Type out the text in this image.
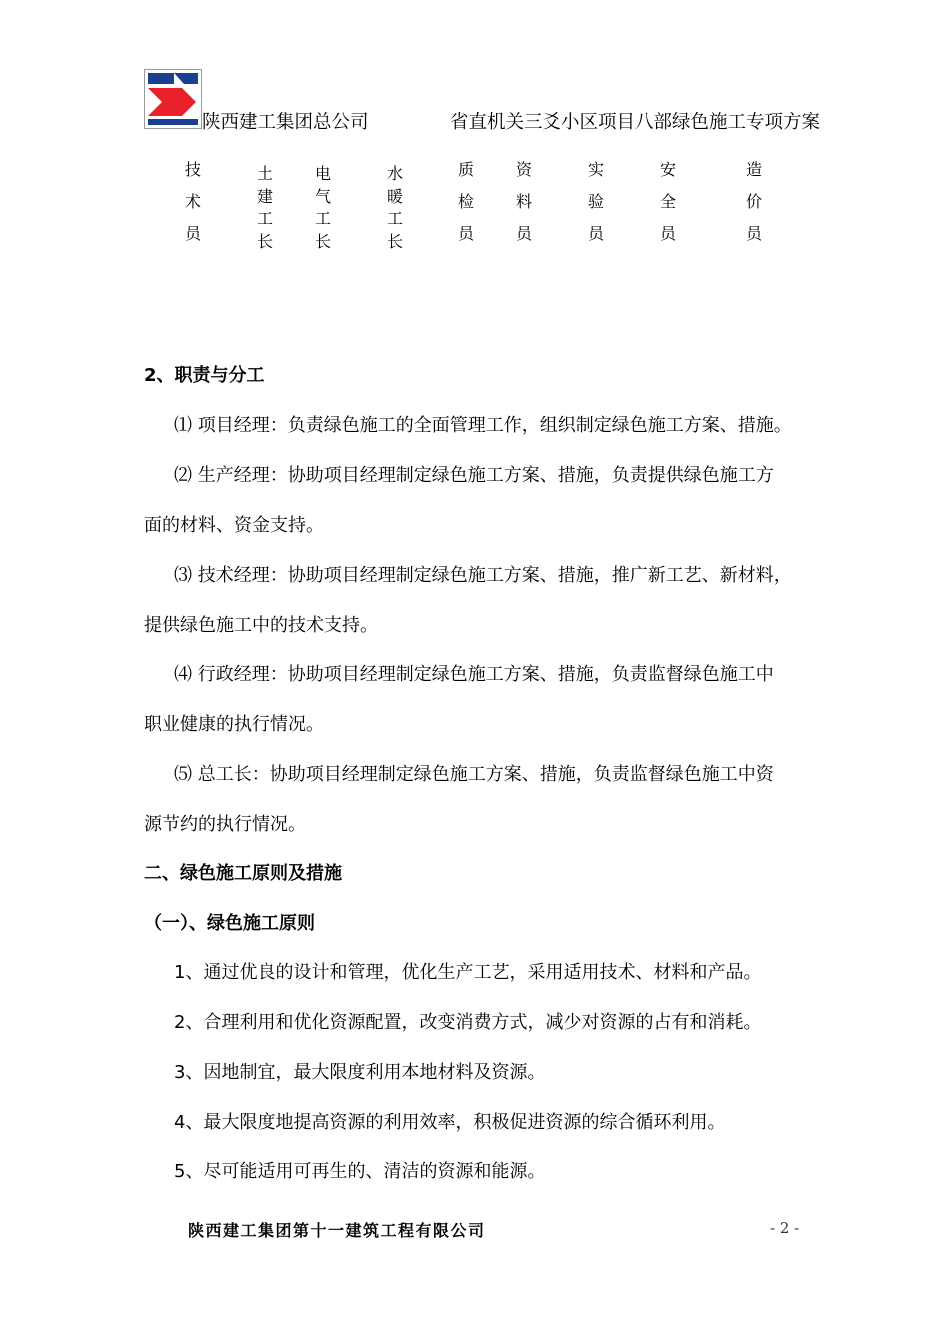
陕西建工集团总公司	省直机关三爻小区项目八部绿色施工专项方案
技
术
员
土
建
工
长
电
气
工
长
水
暖
工
长
质
检
员
资
料
员
实
验
员
安
全
员
造
价
员
2、职责与分工
⑴ 项目经理：负责绿色施工的全面管理工作，组织制定绿色施工方案、措施。
⑵ 生产经理：协助项目经理制定绿色施工方案、措施，负责提供绿色施工方
面的材料、资金支持。
⑶ 技术经理：协助项目经理制定绿色施工方案、措施，推广新工艺、新材料，
提供绿色施工中的技术支持。
⑷ 行政经理：协助项目经理制定绿色施工方案、措施，负责监督绿色施工中
职业健康的执行情况。
⑸ 总工长：协助项目经理制定绿色施工方案、措施，负责监督绿色施工中资
源节约的执行情况。
二、绿色施工原则及措施
（一）、绿色施工原则
1、通过优良的设计和管理，优化生产工艺，采用适用技术、材料和产品。
2、合理利用和优化资源配置，改变消费方式，减少对资源的占有和消耗。
3、因地制宜，最大限度利用本地材料及资源。
4、最大限度地提高资源的利用效率，积极促进资源的综合循环利用。
5、尽可能适用可再生的、清洁的资源和能源。
陕西建工集团第十一建筑工程有限公司	- 2 -
